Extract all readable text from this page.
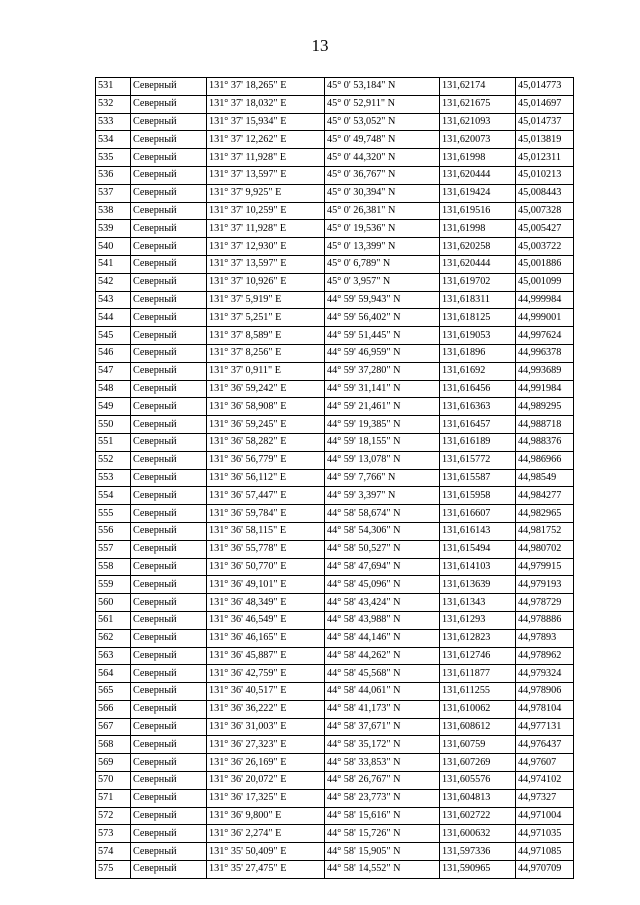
13
531	Северный	131° 37' 18,265" E	45° 0' 53,184" N	131,62174	45,014773
532	Северный	131° 37' 18,032" E	45° 0' 52,911" N	131,621675	45,014697
533	Северный	131° 37' 15,934" E	45° 0' 53,052" N	131,621093	45,014737
534	Северный	131° 37' 12,262" E	45° 0' 49,748" N	131,620073	45,013819
535	Северный	131° 37' 11,928" E	45° 0' 44,320" N	131,61998	45,012311
536	Северный	131° 37' 13,597" E	45° 0' 36,767" N	131,620444	45,010213
537	Северный	131° 37' 9,925" E	45° 0' 30,394" N	131,619424	45,008443
538	Северный	131° 37' 10,259" E	45° 0' 26,381" N	131,619516	45,007328
539	Северный	131° 37' 11,928" E	45° 0' 19,536" N	131,61998	45,005427
540	Северный	131° 37' 12,930" E	45° 0' 13,399" N	131,620258	45,003722
541	Северный	131° 37' 13,597" E	45° 0' 6,789" N	131,620444	45,001886
542	Северный	131° 37' 10,926" E	45° 0' 3,957" N	131,619702	45,001099
543	Северный	131° 37' 5,919" E	44° 59' 59,943" N	131,618311	44,999984
544	Северный	131° 37' 5,251" E	44° 59' 56,402" N	131,618125	44,999001
545	Северный	131° 37' 8,589" E	44° 59' 51,445" N	131,619053	44,997624
546	Северный	131° 37' 8,256" E	44° 59' 46,959" N	131,61896	44,996378
547	Северный	131° 37' 0,911" E	44° 59' 37,280" N	131,61692	44,993689
548	Северный	131° 36' 59,242" E	44° 59' 31,141" N	131,616456	44,991984
549	Северный	131° 36' 58,908" E	44° 59' 21,461" N	131,616363	44,989295
550	Северный	131° 36' 59,245" E	44° 59' 19,385" N	131,616457	44,988718
551	Северный	131° 36' 58,282" E	44° 59' 18,155" N	131,616189	44,988376
552	Северный	131° 36' 56,779" E	44° 59' 13,078" N	131,615772	44,986966
553	Северный	131° 36' 56,112" E	44° 59' 7,766" N	131,615587	44,98549
554	Северный	131° 36' 57,447" E	44° 59' 3,397" N	131,615958	44,984277
555	Северный	131° 36' 59,784" E	44° 58' 58,674" N	131,616607	44,982965
556	Северный	131° 36' 58,115" E	44° 58' 54,306" N	131,616143	44,981752
557	Северный	131° 36' 55,778" E	44° 58' 50,527" N	131,615494	44,980702
558	Северный	131° 36' 50,770" E	44° 58' 47,694" N	131,614103	44,979915
559	Северный	131° 36' 49,101" E	44° 58' 45,096" N	131,613639	44,979193
560	Северный	131° 36' 48,349" E	44° 58' 43,424" N	131,61343	44,978729
561	Северный	131° 36' 46,549" E	44° 58' 43,988" N	131,61293	44,978886
562	Северный	131° 36' 46,165" E	44° 58' 44,146" N	131,612823	44,97893
563	Северный	131° 36' 45,887" E	44° 58' 44,262" N	131,612746	44,978962
564	Северный	131° 36' 42,759" E	44° 58' 45,568" N	131,611877	44,979324
565	Северный	131° 36' 40,517" E	44° 58' 44,061" N	131,611255	44,978906
566	Северный	131° 36' 36,222" E	44° 58' 41,173" N	131,610062	44,978104
567	Северный	131° 36' 31,003" E	44° 58' 37,671" N	131,608612	44,977131
568	Северный	131° 36' 27,323" E	44° 58' 35,172" N	131,60759	44,976437
569	Северный	131° 36' 26,169" E	44° 58' 33,853" N	131,607269	44,97607
570	Северный	131° 36' 20,072" E	44° 58' 26,767" N	131,605576	44,974102
571	Северный	131° 36' 17,325" E	44° 58' 23,773" N	131,604813	44,97327
572	Северный	131° 36' 9,800" E	44° 58' 15,616" N	131,602722	44,971004
573	Северный	131° 36' 2,274" E	44° 58' 15,726" N	131,600632	44,971035
574	Северный	131° 35' 50,409" E	44° 58' 15,905" N	131,597336	44,971085
575	Северный	131° 35' 27,475" E	44° 58' 14,552" N	131,590965	44,970709
